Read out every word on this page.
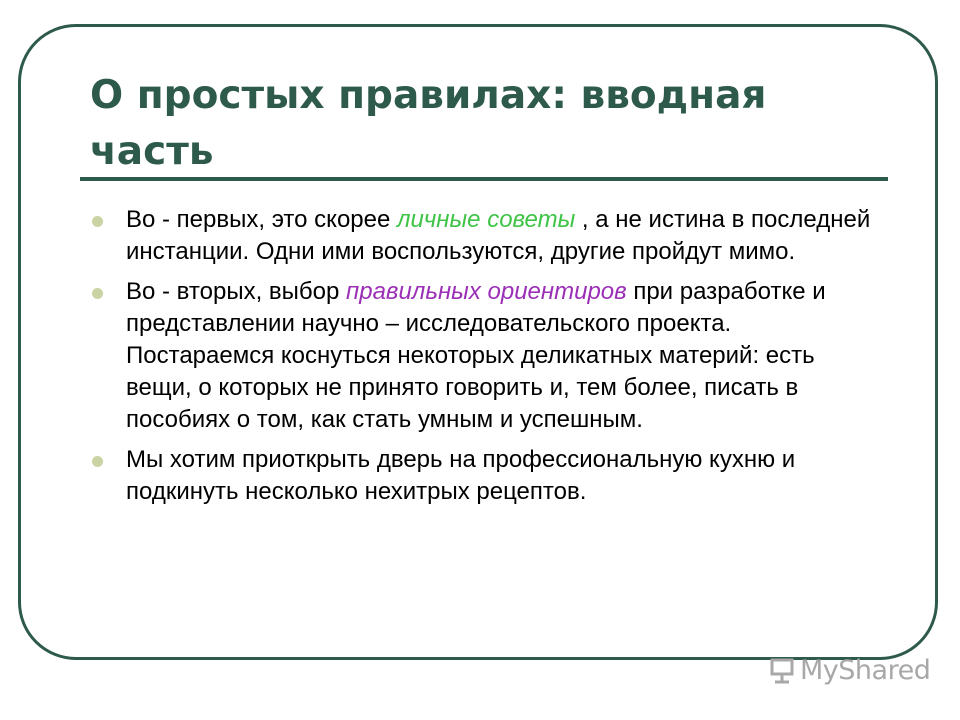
О простых правилах: вводная часть
Во - первых, это скорее личные советы , а не истина в последней инстанции. Одни ими воспользуются, другие пройдут мимо.
Во - вторых, выбор правильных ориентиров при разработке и представлении научно – исследовательского проекта. Постараемся коснуться некоторых деликатных материй: есть вещи, о которых не принято говорить и, тем более, писать в пособиях о том, как стать умным и успешным.
Мы хотим приоткрыть дверь на профессиональную кухню и подкинуть несколько нехитрых рецептов.
MyShared
